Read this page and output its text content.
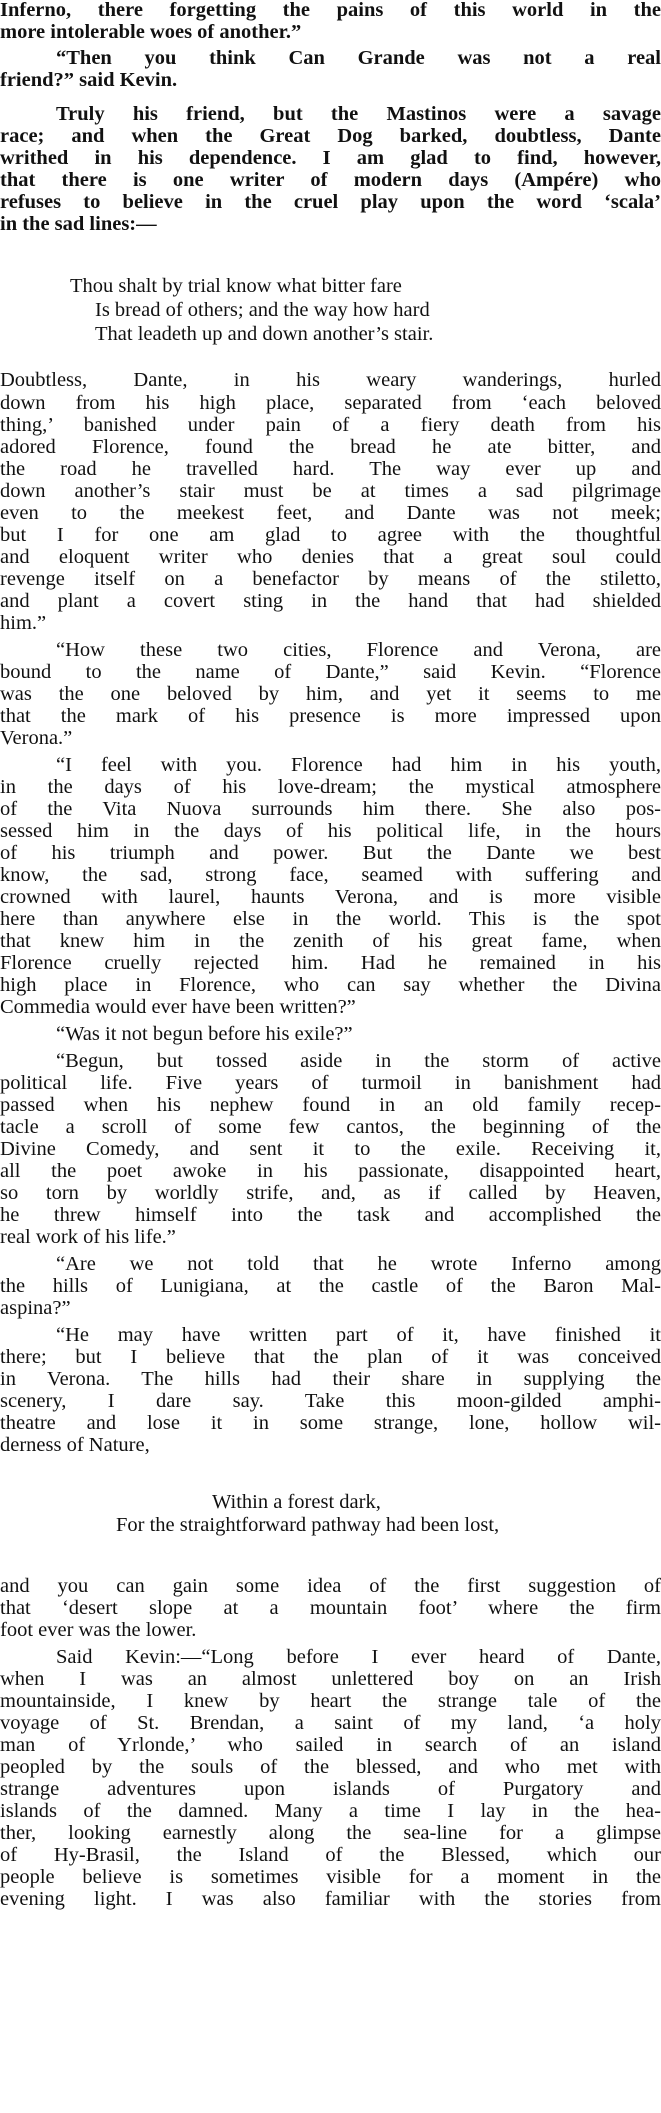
Inferno, there forgetting the pains of this world in the
more intolerable woes of another.”
“Then you think Can Grande was not a real
friend?” said Kevin.
Truly his friend, but the Mastinos were a savage
race; and when the Great Dog barked, doubtless, Dante
writhed in his dependence. I am glad to find, however,
that there is one writer of modern days (Ampére) who
refuses to believe in the cruel play upon the word ‘scala’
in the sad lines:—
Thou shalt by trial know what bitter fare
Is bread of others; and the way how hard
That leadeth up and down another’s stair.
Doubtless, Dante, in his weary wanderings, hurled
down from his high place, separated from ‘each beloved
thing,’ banished under pain of a fiery death from his
adored Florence, found the bread he ate bitter, and
the road he travelled hard. The way ever up and
down another’s stair must be at times a sad pilgrimage
even to the meekest feet, and Dante was not meek;
but I for one am glad to agree with the thoughtful
and eloquent writer who denies that a great soul could
revenge itself on a benefactor by means of the stiletto,
and plant a covert sting in the hand that had shielded
him.”
“How these two cities, Florence and Verona, are
bound to the name of Dante,” said Kevin. “Florence
was the one beloved by him, and yet it seems to me
that the mark of his presence is more impressed upon
Verona.”
“I feel with you. Florence had him in his youth,
in the days of his love-dream; the mystical atmosphere
of the Vita Nuova surrounds him there. She also pos-
sessed him in the days of his political life, in the hours
of his triumph and power. But the Dante we best
know, the sad, strong face, seamed with suffering and
crowned with laurel, haunts Verona, and is more visible
here than anywhere else in the world. This is the spot
that knew him in the zenith of his great fame, when
Florence cruelly rejected him. Had he remained in his
high place in Florence, who can say whether the Divina
Commedia would ever have been written?”
“Was it not begun before his exile?”
“Begun, but tossed aside in the storm of active
political life. Five years of turmoil in banishment had
passed when his nephew found in an old family recep-
tacle a scroll of some few cantos, the beginning of the
Divine Comedy, and sent it to the exile. Receiving it,
all the poet awoke in his passionate, disappointed heart,
so torn by worldly strife, and, as if called by Heaven,
he threw himself into the task and accomplished the
real work of his life.”
“Are we not told that he wrote Inferno among
the hills of Lunigiana, at the castle of the Baron Mal-
aspina?”
“He may have written part of it, have finished it
there; but I believe that the plan of it was conceived
in Verona. The hills had their share in supplying the
scenery, I dare say. Take this moon-gilded amphi-
theatre and lose it in some strange, lone, hollow wil-
derness of Nature,
Within a forest dark,
For the straightforward pathway had been lost,
and you can gain some idea of the first suggestion of
that ‘desert slope at a mountain foot’ where the firm
foot ever was the lower.
Said Kevin:—“Long before I ever heard of Dante,
when I was an almost unlettered boy on an Irish
mountainside, I knew by heart the strange tale of the
voyage of St. Brendan, a saint of my land, ‘a holy
man of Yrlonde,’ who sailed in search of an island
peopled by the souls of the blessed, and who met with
strange adventures upon islands of Purgatory and
islands of the damned. Many a time I lay in the hea-
ther, looking earnestly along the sea-line for a glimpse
of Hy-Brasil, the Island of the Blessed, which our
people believe is sometimes visible for a moment in the
evening light. I was also familiar with the stories from
